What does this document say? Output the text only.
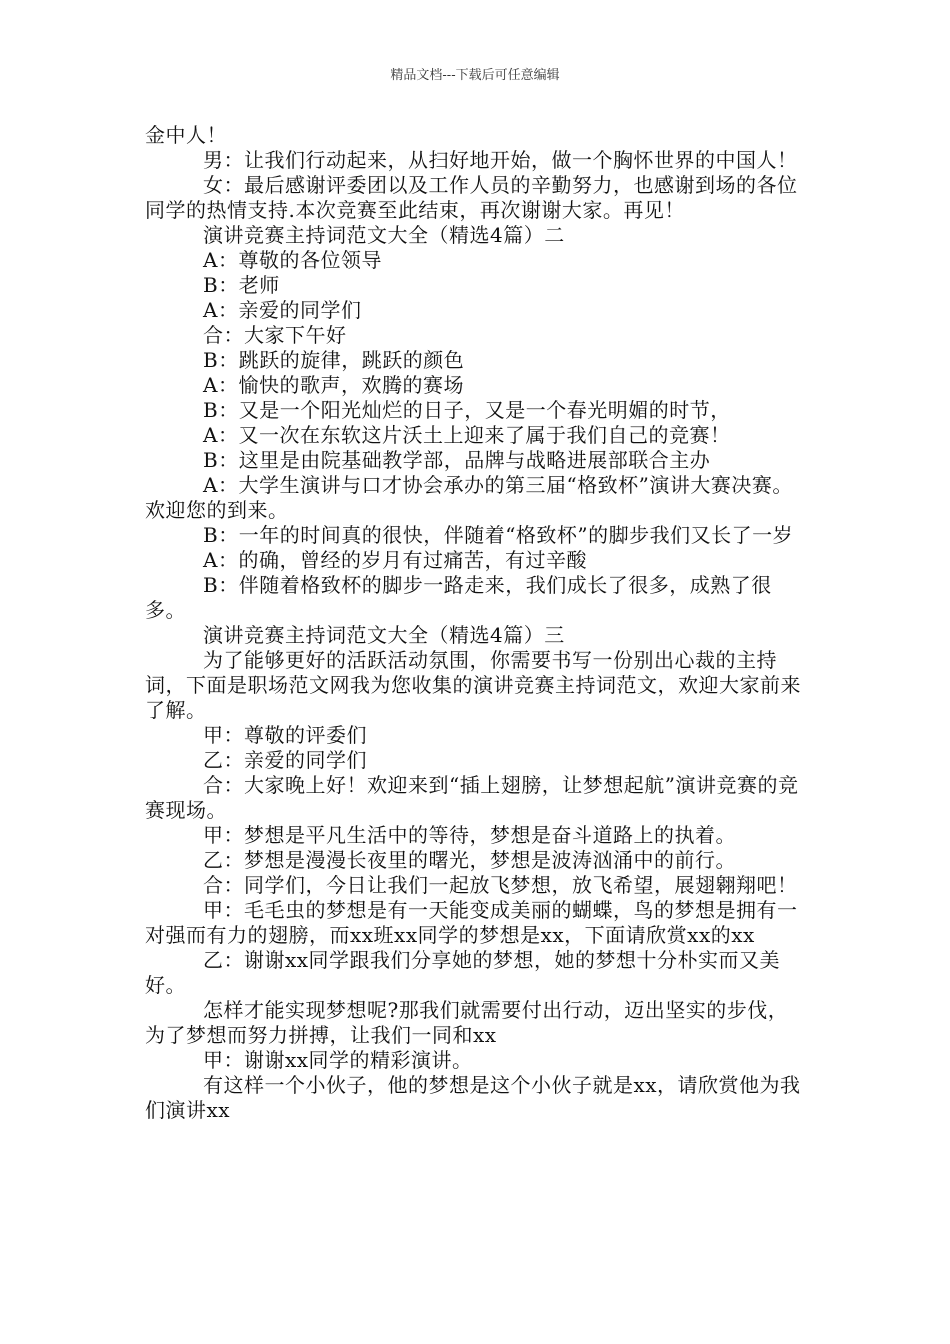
精品文档---下载后可任意编辑

金中人！

男：让我们行动起来，从扫好地开始，做一个胸怀世界的中国人！

女：最后感谢评委团以及工作人员的辛勤努力，也感谢到场的各位同学的热情支持.本次竞赛至此结束，再次谢谢大家。再见！

演讲竞赛主持词范文大全（精选4篇）二

A：尊敬的各位领导

B：老师

A：亲爱的同学们

合：大家下午好

B：跳跃的旋律，跳跃的颜色

A：愉快的歌声，欢腾的赛场

B：又是一个阳光灿烂的日子，又是一个春光明媚的时节，

A：又一次在东软这片沃土上迎来了属于我们自己的竞赛！

B：这里是由院基础教学部，品牌与战略进展部联合主办

A：大学生演讲与口才协会承办的第三届“格致杯”演讲大赛决赛。欢迎您的到来。

B：一年的时间真的很快，伴随着“格致杯”的脚步我们又长了一岁

A：的确，曾经的岁月有过痛苦，有过辛酸

B：伴随着格致杯的脚步一路走来，我们成长了很多，成熟了很多。

演讲竞赛主持词范文大全（精选4篇）三

为了能够更好的活跃活动氛围，你需要书写一份别出心裁的主持词，下面是职场范文网我为您收集的演讲竞赛主持词范文，欢迎大家前来了解。

甲：尊敬的评委们

乙：亲爱的同学们

合：大家晚上好！欢迎来到“插上翅膀，让梦想起航”演讲竞赛的竞赛现场。

甲：梦想是平凡生活中的等待，梦想是奋斗道路上的执着。

乙：梦想是漫漫长夜里的曙光，梦想是波涛汹涌中的前行。

合：同学们，今日让我们一起放飞梦想，放飞希望，展翅翱翔吧！

甲：毛毛虫的梦想是有一天能变成美丽的蝴蝶，鸟的梦想是拥有一对强而有力的翅膀，而xx班xx同学的梦想是xx，下面请欣赏xx的xx

乙：谢谢xx同学跟我们分享她的梦想，她的梦想十分朴实而又美好。

怎样才能实现梦想呢?那我们就需要付出行动，迈出坚实的步伐，为了梦想而努力拼搏，让我们一同和xx

甲：谢谢xx同学的精彩演讲。

有这样一个小伙子，他的梦想是这个小伙子就是xx，请欣赏他为我们演讲xx
